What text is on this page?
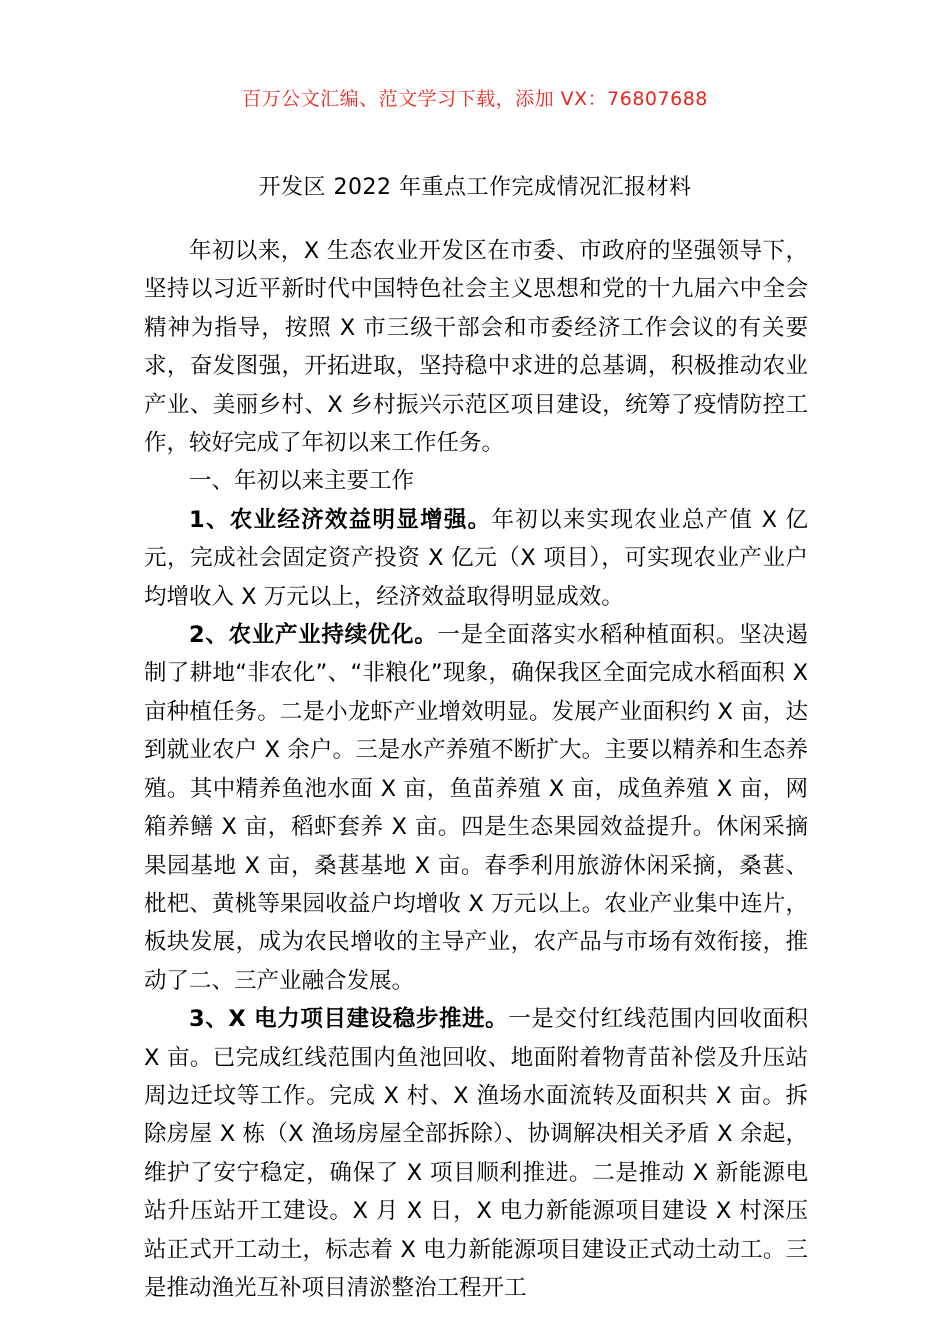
百万公文汇编、范文学习下载，添加 VX：76807688
开发区 2022 年重点工作完成情况汇报材料

年初以来，X 生态农业开发区在市委、市政府的坚强领导下，坚持以习近平新时代中国特色社会主义思想和党的十九届六中全会精神为指导，按照 X 市三级干部会和市委经济工作会议的有关要求，奋发图强，开拓进取，坚持稳中求进的总基调，积极推动农业产业、美丽乡村、X 乡村振兴示范区项目建设，统筹了疫情防控工作，较好完成了年初以来工作任务。

一、年初以来主要工作

1、农业经济效益明显增强。年初以来实现农业总产值 X 亿元，完成社会固定资产投资 X 亿元（X 项目），可实现农业产业户均增收入 X 万元以上，经济效益取得明显成效。

2、农业产业持续优化。一是全面落实水稻种植面积。坚决遏制了耕地“非农化”、“非粮化”现象，确保我区全面完成水稻面积 X 亩种植任务。二是小龙虾产业增效明显。发展产业面积约 X 亩，达到就业农户 X 余户。三是水产养殖不断扩大。主要以精养和生态养殖。其中精养鱼池水面 X 亩，鱼苗养殖 X 亩，成鱼养殖 X 亩，网箱养鳝 X 亩，稻虾套养 X 亩。四是生态果园效益提升。休闲采摘果园基地 X 亩，桑葚基地 X 亩。春季利用旅游休闲采摘，桑葚、枇杷、黄桃等果园收益户均增收 X 万元以上。农业产业集中连片，板块发展，成为农民增收的主导产业，农产品与市场有效衔接，推动了二、三产业融合发展。

3、X 电力项目建设稳步推进。一是交付红线范围内回收面积 X 亩。已完成红线范围内鱼池回收、地面附着物青苗补偿及升压站周边迁坟等工作。完成 X 村、X 渔场水面流转及面积共 X 亩。拆除房屋 X 栋（X 渔场房屋全部拆除）、协调解决相关矛盾 X 余起，维护了安宁稳定，确保了 X 项目顺利推进。二是推动 X 新能源电站升压站开工建设。X 月 X 日，X 电力新能源项目建设 X 村深压站正式开工动土，标志着 X 电力新能源项目建设正式动土动工。三是推动渔光互补项目清淤整治工程开工
